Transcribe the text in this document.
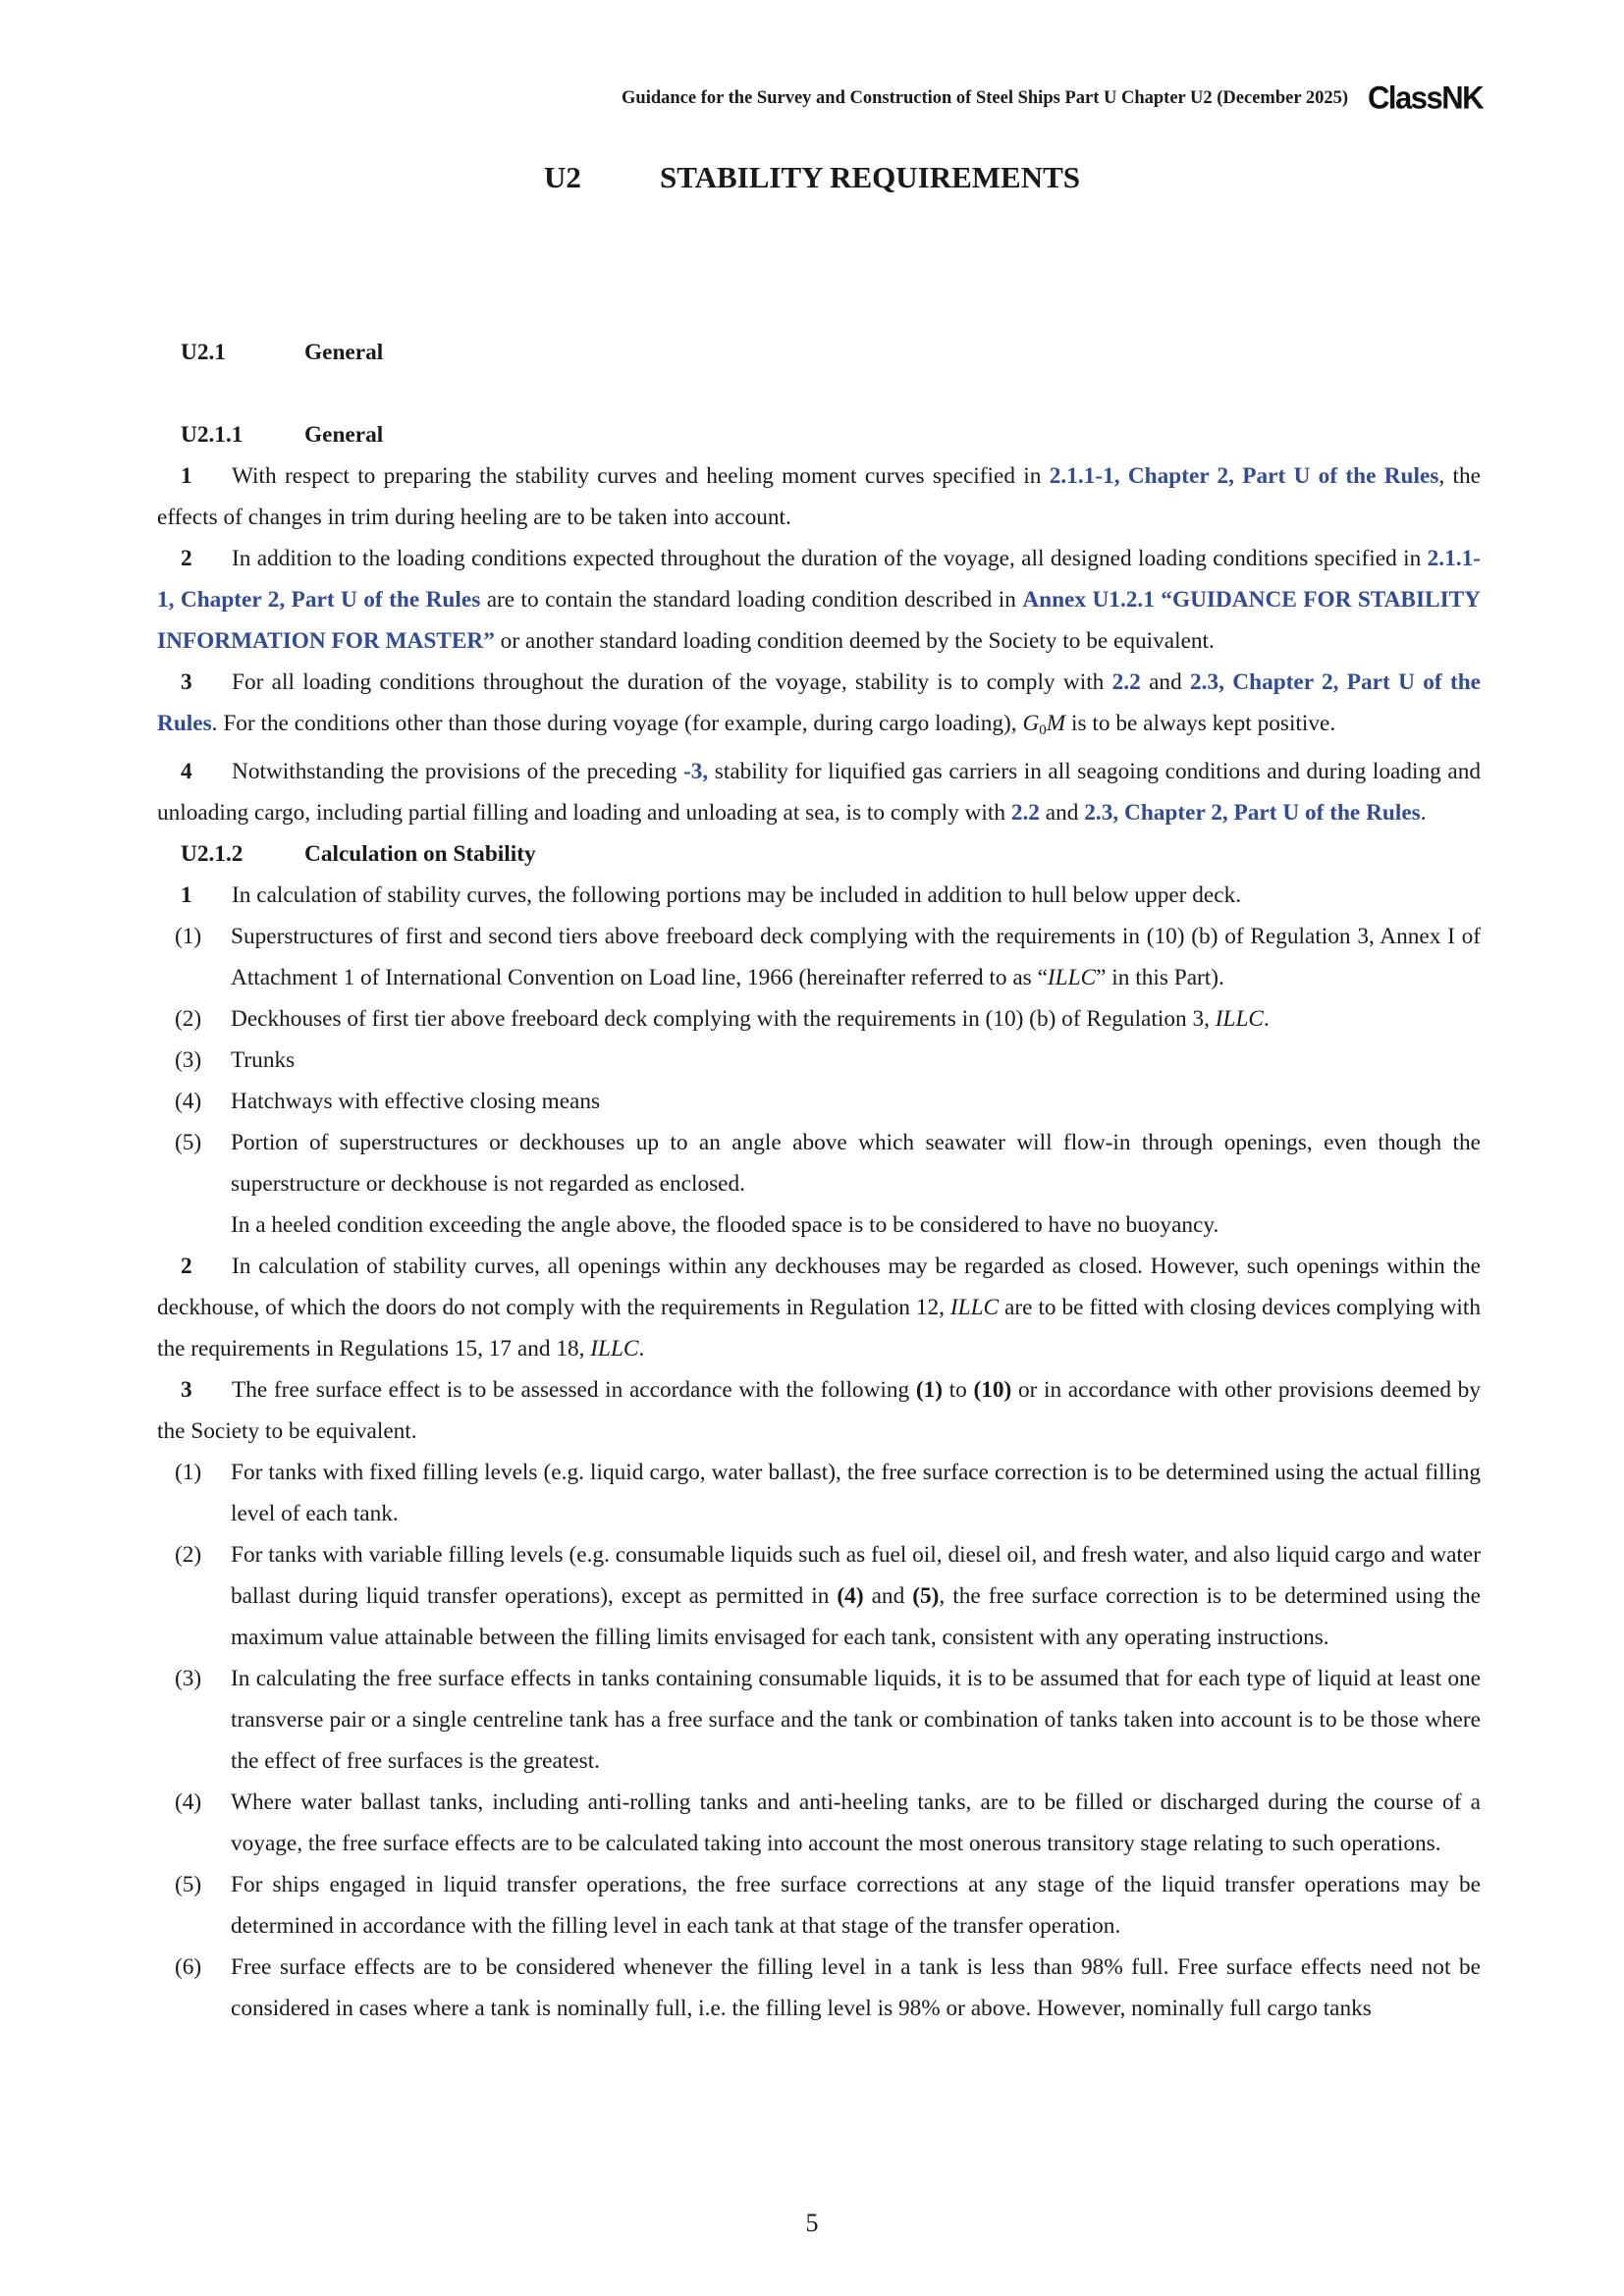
Guidance for the Survey and Construction of Steel Ships Part U Chapter U2 (December 2025) ClassNK
U2	STABILITY REQUIREMENTS
U2.1	General
U2.1.1	General
1 With respect to preparing the stability curves and heeling moment curves specified in 2.1.1-1, Chapter 2, Part U of the Rules, the effects of changes in trim during heeling are to be taken into account.
2 In addition to the loading conditions expected throughout the duration of the voyage, all designed loading conditions specified in 2.1.1-1, Chapter 2, Part U of the Rules are to contain the standard loading condition described in Annex U1.2.1 “GUIDANCE FOR STABILITY INFORMATION FOR MASTER” or another standard loading condition deemed by the Society to be equivalent.
3 For all loading conditions throughout the duration of the voyage, stability is to comply with 2.2 and 2.3, Chapter 2, Part U of the Rules. For the conditions other than those during voyage (for example, during cargo loading), $G_0M$ is to be always kept positive.
4 Notwithstanding the provisions of the preceding -3, stability for liquified gas carriers in all seagoing conditions and during loading and unloading cargo, including partial filling and loading and unloading at sea, is to comply with 2.2 and 2.3, Chapter 2, Part U of the Rules.
U2.1.2	Calculation on Stability
1 In calculation of stability curves, the following portions may be included in addition to hull below upper deck.
(1) Superstructures of first and second tiers above freeboard deck complying with the requirements in (10) (b) of Regulation 3, Annex I of Attachment 1 of International Convention on Load line, 1966 (hereinafter referred to as “ILLC” in this Part).
(2) Deckhouses of first tier above freeboard deck complying with the requirements in (10) (b) of Regulation 3, ILLC.
(3) Trunks
(4) Hatchways with effective closing means
(5) Portion of superstructures or deckhouses up to an angle above which seawater will flow-in through openings, even though the superstructure or deckhouse is not regarded as enclosed.
In a heeled condition exceeding the angle above, the flooded space is to be considered to have no buoyancy.
2 In calculation of stability curves, all openings within any deckhouses may be regarded as closed. However, such openings within the deckhouse, of which the doors do not comply with the requirements in Regulation 12, ILLC are to be fitted with closing devices complying with the requirements in Regulations 15, 17 and 18, ILLC.
3 The free surface effect is to be assessed in accordance with the following (1) to (10) or in accordance with other provisions deemed by the Society to be equivalent.
(1) For tanks with fixed filling levels (e.g. liquid cargo, water ballast), the free surface correction is to be determined using the actual filling level of each tank.
(2) For tanks with variable filling levels (e.g. consumable liquids such as fuel oil, diesel oil, and fresh water, and also liquid cargo and water ballast during liquid transfer operations), except as permitted in (4) and (5), the free surface correction is to be determined using the maximum value attainable between the filling limits envisaged for each tank, consistent with any operating instructions.
(3) In calculating the free surface effects in tanks containing consumable liquids, it is to be assumed that for each type of liquid at least one transverse pair or a single centreline tank has a free surface and the tank or combination of tanks taken into account is to be those where the effect of free surfaces is the greatest.
(4) Where water ballast tanks, including anti-rolling tanks and anti-heeling tanks, are to be filled or discharged during the course of a voyage, the free surface effects are to be calculated taking into account the most onerous transitory stage relating to such operations.
(5) For ships engaged in liquid transfer operations, the free surface corrections at any stage of the liquid transfer operations may be determined in accordance with the filling level in each tank at that stage of the transfer operation.
(6) Free surface effects are to be considered whenever the filling level in a tank is less than 98% full. Free surface effects need not be considered in cases where a tank is nominally full, i.e. the filling level is 98% or above. However, nominally full cargo tanks
5
